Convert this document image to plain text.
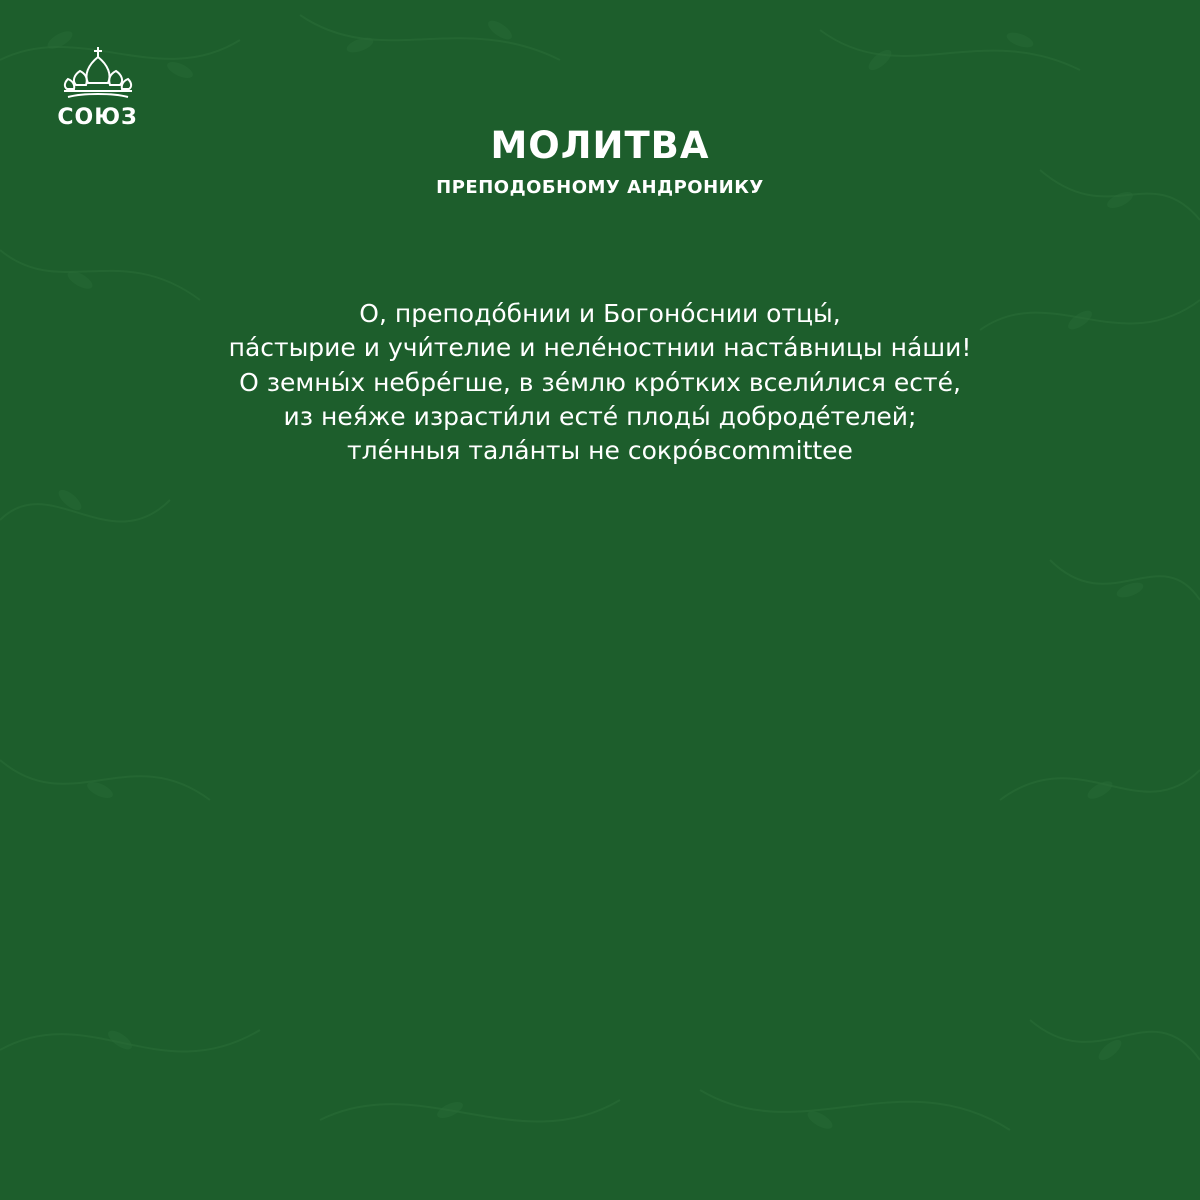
СОЮЗ
МОЛИТВА
ПРЕПОДОБНОМУ АНДРОНИКУ
О, преподо́бнии и Богоно́снии отцы́,
па́стырие и учи́телие и неле́ностнии наста́вницы на́ши!
О земны́х небре́гше, в зе́млю кро́тких всели́лися есте́,
из нея́же израсти́ли есте́ плоды́ доброде́телей;
тле́нныя тала́нты не сокро́вcommittee
